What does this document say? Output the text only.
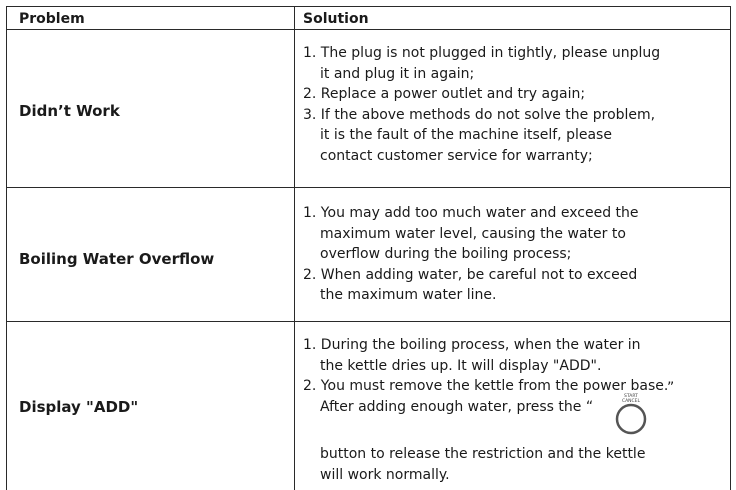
Problem	Solution
Didn’t Work
1. The plug is not plugged in tightly, please unplug
it and plug it in again;
2. Replace a power outlet and try again;
3. If the above methods do not solve the problem,
it is the fault of the machine itself, please
contact customer service for warranty;
Boiling Water Overflow
1. You may add too much water and exceed the
maximum water level, causing the water to
overflow during the boiling process;
2. When adding water, be careful not to exceed
the maximum water line.
Display "ADD"
1. During the boiling process, when the water in
the kettle dries up. It will display "ADD".
2. You must remove the kettle from the power base.
After adding enough water, press the “
”
button to release the restriction and the kettle
will work normally.
START
CANCEL
